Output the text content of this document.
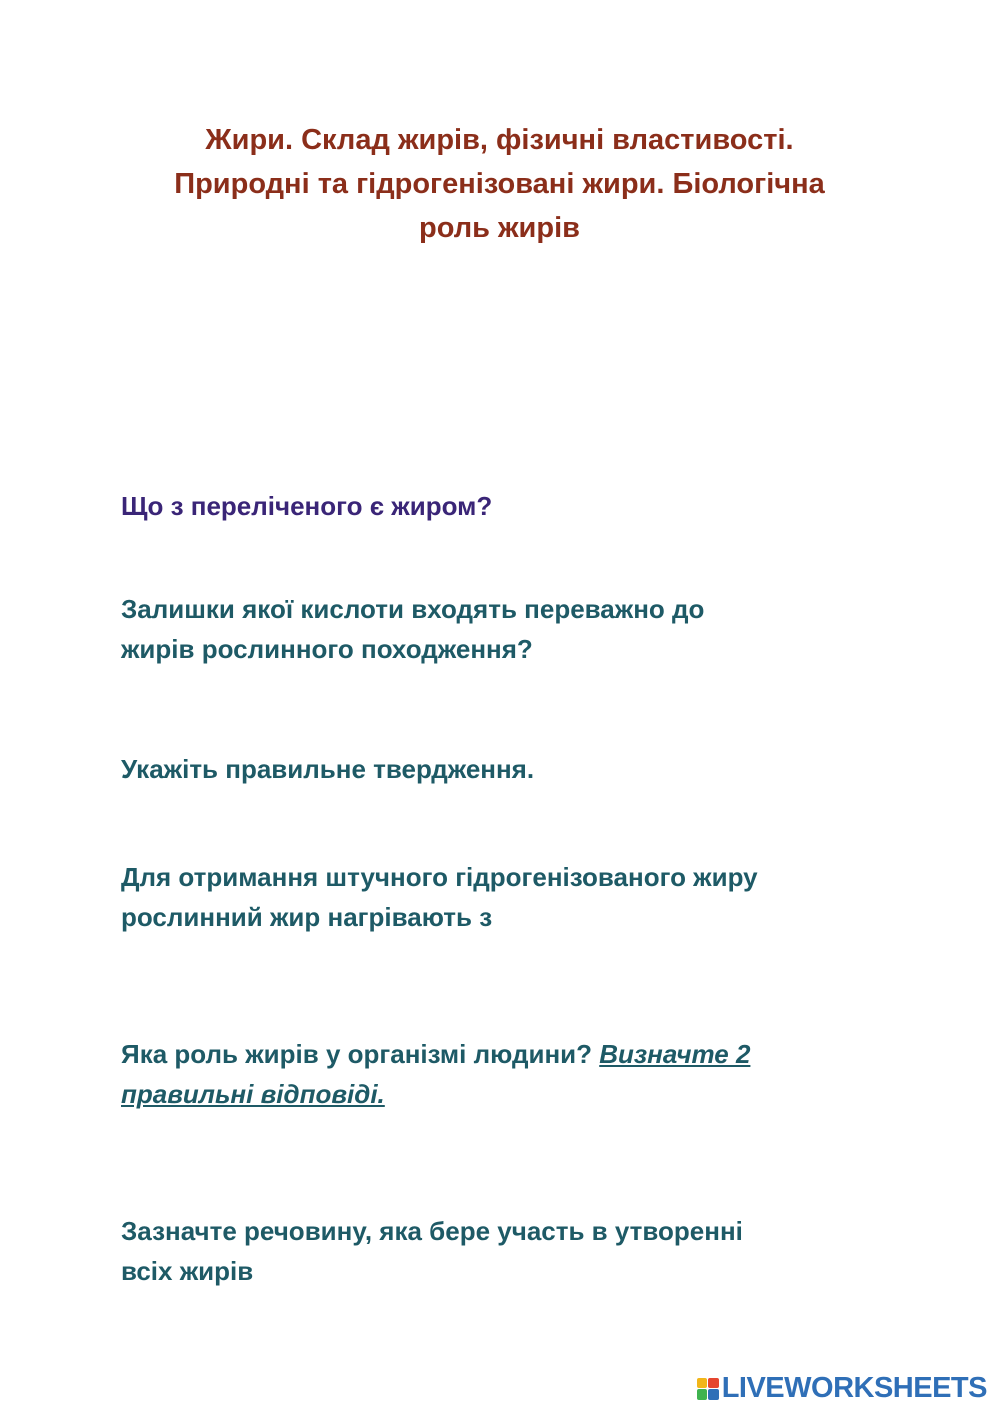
Жири. Склад жирів, фізичні властивості.
Природні та гідрогенізовані жири. Біологічна
роль жирів
Що з переліченого є жиром?
Залишки якої кислоти входять переважно до
жирів рослинного походження?
Укажіть правильне твердження.
Для отримання штучного гідрогенізованого жиру
рослинний жир нагрівають з
Яка роль жирів у організмі людини? Визначте 2
правильні відповіді.
Зазначте речовину, яка бере участь в утворенні
всіх жирів
LIVEWORKSHEETS
